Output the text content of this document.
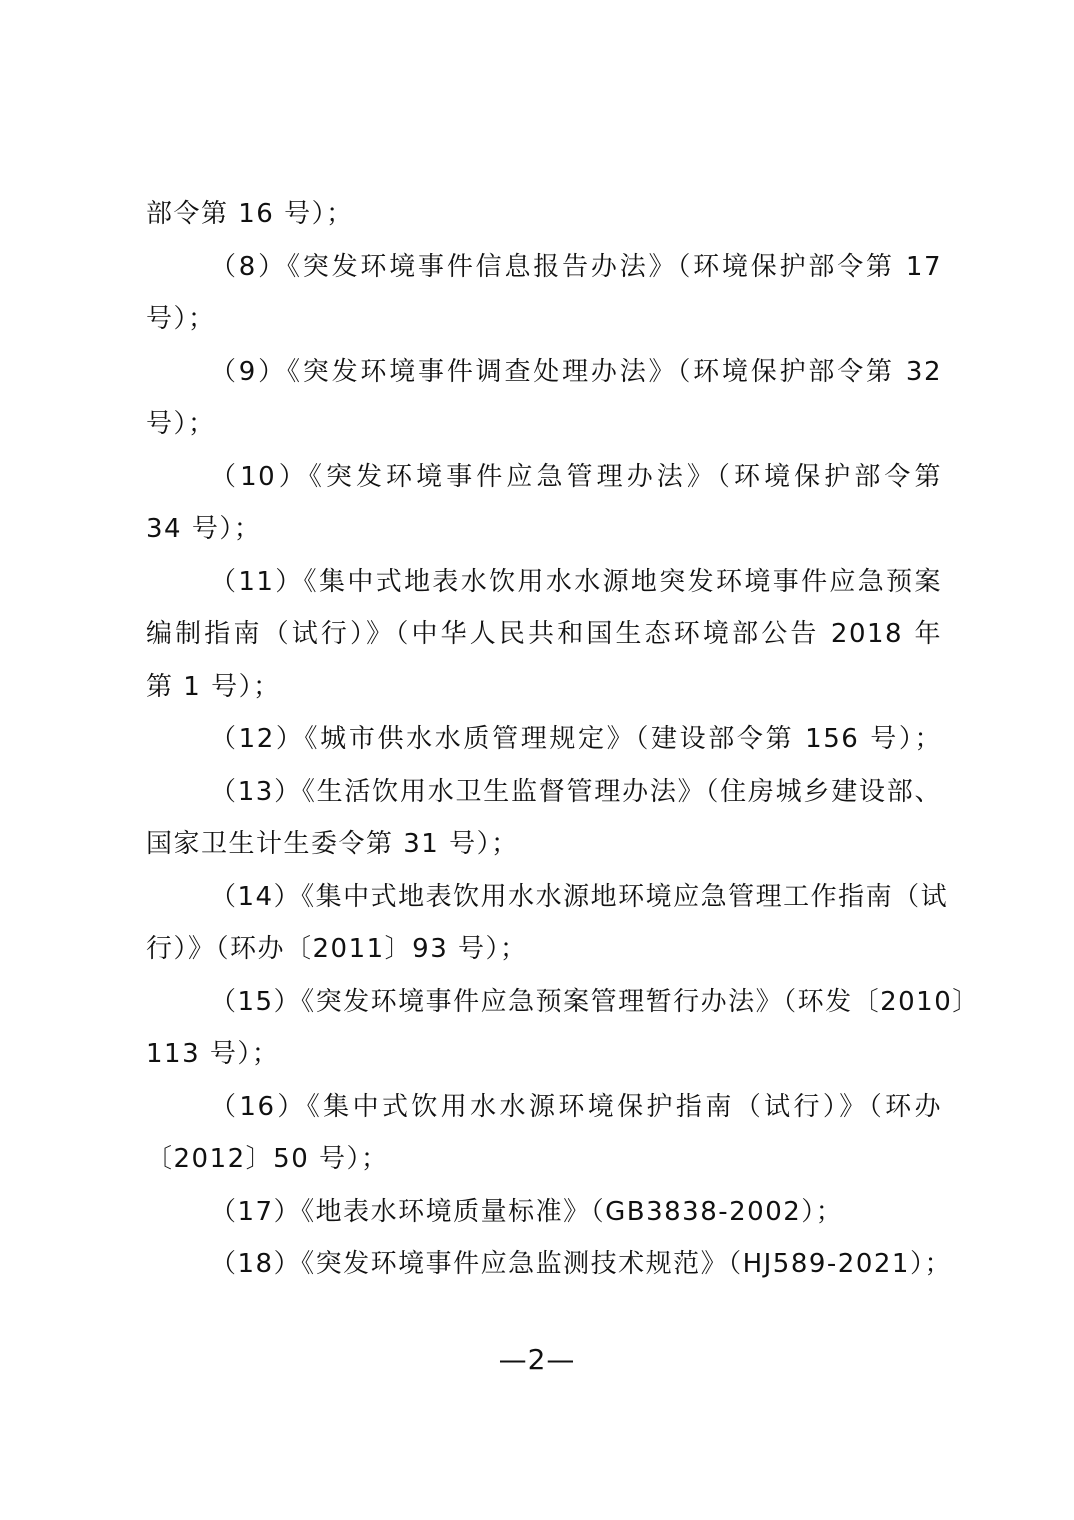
部令第 16 号）；
（8）《突发环境事件信息报告办法》（环境保护部令第 17
号）；
（9）《突发环境事件调查处理办法》（环境保护部令第 32
号）；
（10）《突发环境事件应急管理办法》（环境保护部令第
34 号）；
（11）《集中式地表水饮用水水源地突发环境事件应急预案
编制指南（试行）》（中华人民共和国生态环境部公告 2018 年
第 1 号）；
（12）《城市供水水质管理规定》（建设部令第 156 号）；
（13）《生活饮用水卫生监督管理办法》（住房城乡建设部、
国家卫生计生委令第 31 号）；
（14）《集中式地表饮用水水源地环境应急管理工作指南（试
行）》（环办〔2011〕93 号）；
（15）《突发环境事件应急预案管理暂行办法》（环发〔2010〕
113 号）；
（16）《集中式饮用水水源环境保护指南（试行）》（环办
〔2012〕50 号）；
（17）《地表水环境质量标准》（GB3838-2002）；
（18）《突发环境事件应急监测技术规范》（HJ589-2021）；
—2—
